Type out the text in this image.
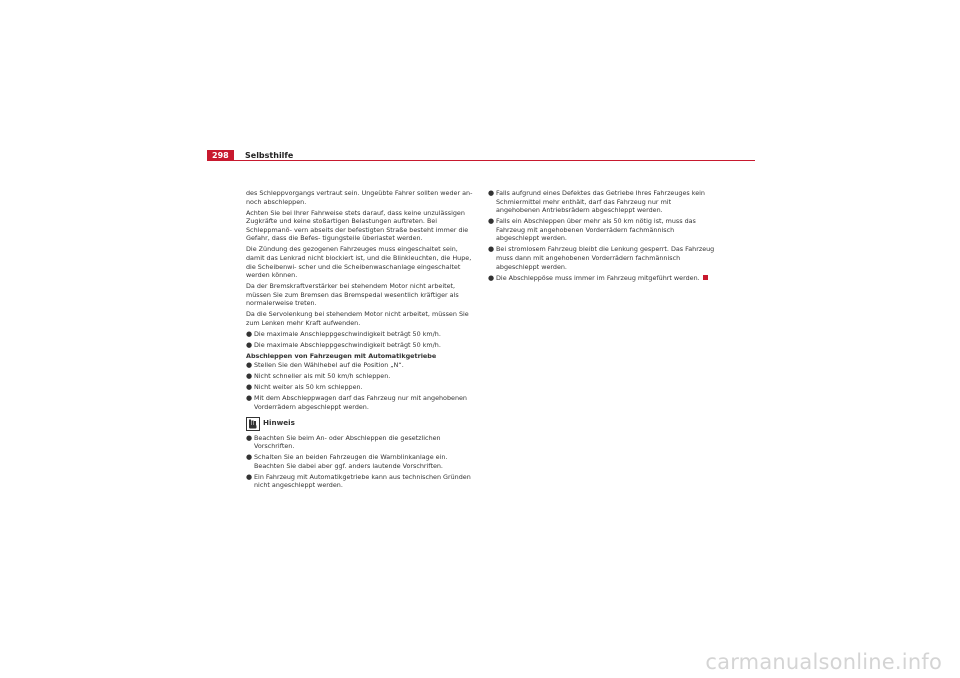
298	Selbsthilfe

des Schleppvorgangs vertraut sein. Ungeübte Fahrer sollten weder an- noch abschleppen.

Achten Sie bei Ihrer Fahrweise stets darauf, dass keine unzulässigen Zugkräfte und keine stoßartigen Belastungen auftreten. Bei Schleppmanö- vern abseits der befestigten Straße besteht immer die Gefahr, dass die Befes- tigungsteile überlastet werden.

Die Zündung des gezogenen Fahrzeuges muss eingeschaltet sein, damit das Lenkrad nicht blockiert ist, und die Blinkleuchten, die Hupe, die Scheibenwi- scher und die Scheibenwaschanlage eingeschaltet werden können.

Da der Bremskraftverstärker bei stehendem Motor nicht arbeitet, müssen Sie zum Bremsen das Bremspedal wesentlich kräftiger als normalerweise treten.

Da die Servolenkung bei stehendem Motor nicht arbeitet, müssen Sie zum Lenken mehr Kraft aufwenden.

● Die maximale Anschleppgeschwindigkeit beträgt 50 km/h.
● Die maximale Abschleppgeschwindigkeit beträgt 50 km/h.
Abschleppen von Fahrzeugen mit Automatikgetriebe
● Stellen Sie den Wählhebel auf die Position „N“.
● Nicht schneller als mit 50 km/h schleppen.
● Nicht weiter als 50 km schleppen.
● Mit dem Abschleppwagen darf das Fahrzeug nur mit angehobenen Vorderrädern abgeschleppt werden.
Hinweis
● Beachten Sie beim An- oder Abschleppen die gesetzlichen Vorschriften.
● Schalten Sie an beiden Fahrzeugen die Warnblinkanlage ein. Beachten Sie dabei aber ggf. anders lautende Vorschriften.
● Ein Fahrzeug mit Automatikgetriebe kann aus technischen Gründen nicht angeschleppt werden.
● Falls aufgrund eines Defektes das Getriebe Ihres Fahrzeuges kein Schmiermittel mehr enthält, darf das Fahrzeug nur mit angehobenen Antriebsrädern abgeschleppt werden.
● Falls ein Abschleppen über mehr als 50 km nötig ist, muss das Fahrzeug mit angehobenen Vorderrädern fachmännisch abgeschleppt werden.
● Bei stromlosem Fahrzeug bleibt die Lenkung gesperrt. Das Fahrzeug muss dann mit angehobenen Vorderrädern fachmännisch abgeschleppt werden.
● Die Abschleppöse muss immer im Fahrzeug mitgeführt werden.
carmanualsonline.info
